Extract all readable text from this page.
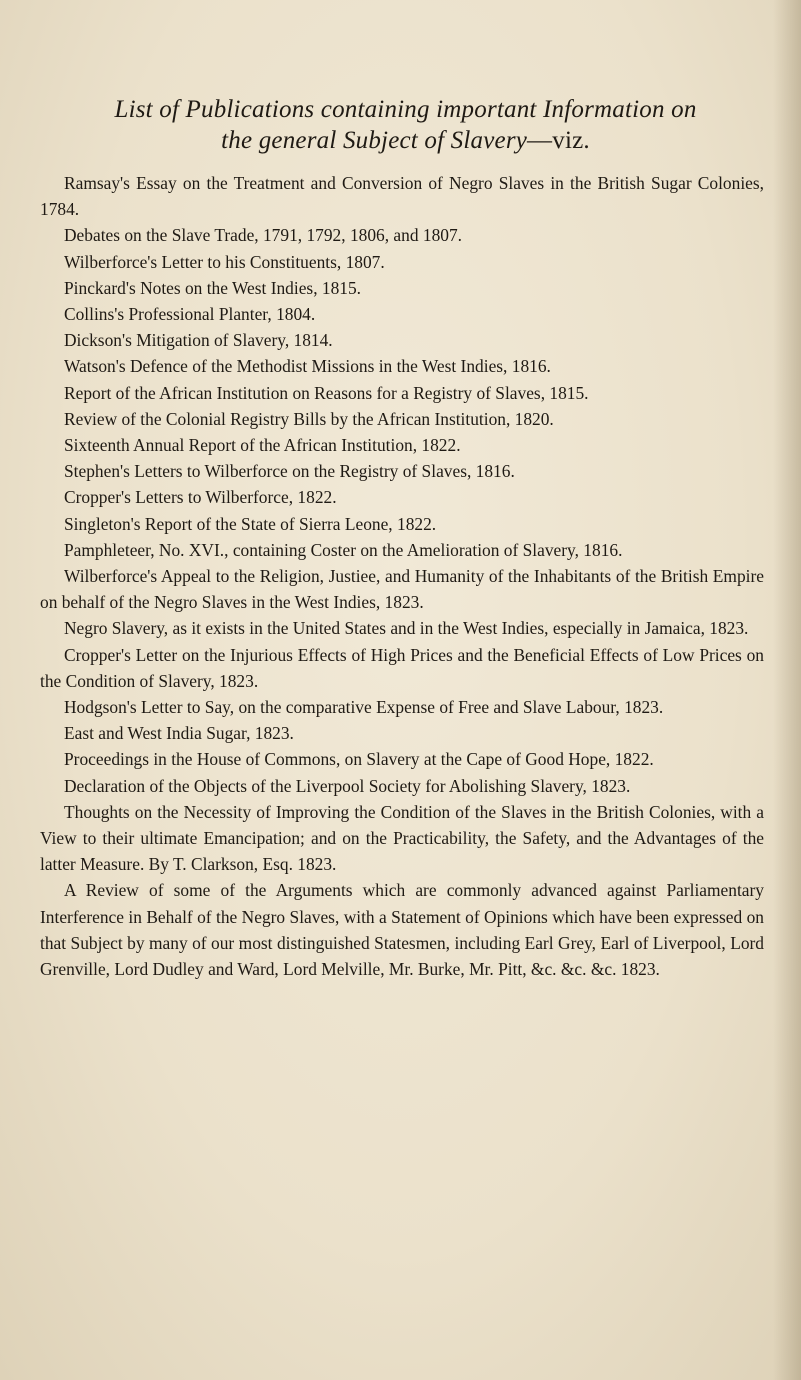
List of Publications containing important Information on
the general Subject of Slavery—viz.
Ramsay's Essay on the Treatment and Conversion of Negro Slaves in the British Sugar Colonies, 1784.
Debates on the Slave Trade, 1791, 1792, 1806, and 1807.
Wilberforce's Letter to his Constituents, 1807.
Pinckard's Notes on the West Indies, 1815.
Collins's Professional Planter, 1804.
Dickson's Mitigation of Slavery, 1814.
Watson's Defence of the Methodist Missions in the West Indies, 1816.
Report of the African Institution on Reasons for a Registry of Slaves, 1815.
Review of the Colonial Registry Bills by the African Institution, 1820.
Sixteenth Annual Report of the African Institution, 1822.
Stephen's Letters to Wilberforce on the Registry of Slaves, 1816.
Cropper's Letters to Wilberforce, 1822.
Singleton's Report of the State of Sierra Leone, 1822.
Pamphleteer, No. XVI., containing Coster on the Amelioration of Slavery, 1816.
Wilberforce's Appeal to the Religion, Justiee, and Humanity of the Inhabitants of the British Empire on behalf of the Negro Slaves in the West Indies, 1823.
Negro Slavery, as it exists in the United States and in the West Indies, especially in Jamaica, 1823.
Cropper's Letter on the Injurious Effects of High Prices and the Beneficial Effects of Low Prices on the Condition of Slavery, 1823.
Hodgson's Letter to Say, on the comparative Expense of Free and Slave Labour, 1823.
East and West India Sugar, 1823.
Proceedings in the House of Commons, on Slavery at the Cape of Good Hope, 1822.
Declaration of the Objects of the Liverpool Society for Abolishing Slavery, 1823.
Thoughts on the Necessity of Improving the Condition of the Slaves in the British Colonies, with a View to their ultimate Emancipation; and on the Practicability, the Safety, and the Advantages of the latter Measure. By T. Clarkson, Esq. 1823.
A Review of some of the Arguments which are commonly advanced against Parliamentary Interference in Behalf of the Negro Slaves, with a Statement of Opinions which have been expressed on that Subject by many of our most distinguished Statesmen, including Earl Grey, Earl of Liverpool, Lord Grenville, Lord Dudley and Ward, Lord Melville, Mr. Burke, Mr. Pitt, &c. &c. &c. 1823.
